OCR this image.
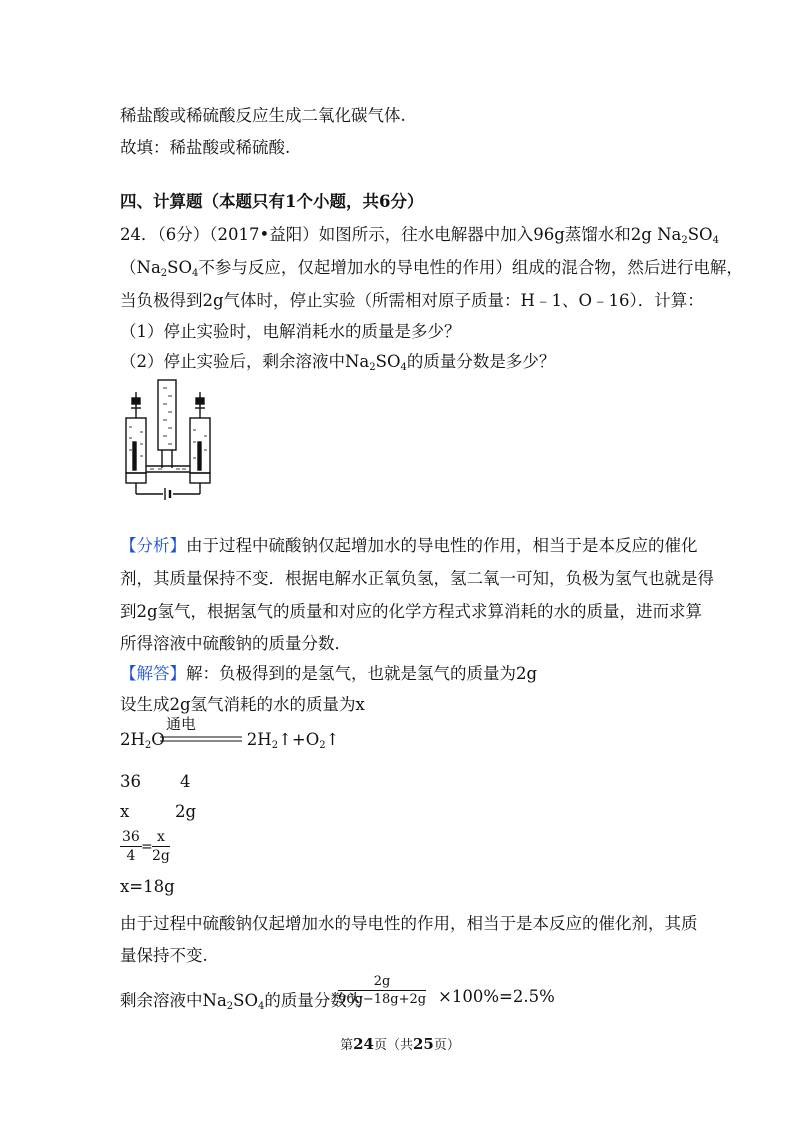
稀盐酸或稀硫酸反应生成二氧化碳气体.
故填：稀盐酸或稀硫酸.
四、计算题（本题只有1个小题，共6分）
24．（6分）（2017•益阳）如图所示，往水电解器中加入96g蒸馏水和2g $Na_2SO_4$
（$Na_2SO_4$不参与反应，仅起增加水的导电性的作用）组成的混合物，然后进行电解，
当负极得到2g气体时，停止实验（所需相对原子质量：H﹣1、O﹣16）．计算：
（1）停止实验时，电解消耗水的质量是多少？
（2）停止实验后，剩余溶液中$Na_2SO_4$的质量分数是多少？
【分析】由于过程中硫酸钠仅起增加水的导电性的作用，相当于是本反应的催化
剂，其质量保持不变．根据电解水正氧负氢，氢二氧一可知，负极为氢气也就是得
到2g氢气，根据氢气的质量和对应的化学方程式求算消耗的水的质量，进而求算
所得溶液中硫酸钠的质量分数．
【解答】解：负极得到的是氢气，也就是氢气的质量为2g
设生成2g氢气消耗的水的质量为x
$2H_2O$	$2H_2↑+O_2↑$
通电
36 4
x	2g
$\frac{36}{4} = \frac{x}{2g}$
x=18g
由于过程中硫酸钠仅起增加水的导电性的作用，相当于是本反应的催化剂，其质
量保持不变.
剩余溶液中$Na_2SO_4$的质量分数为
$\frac{2g}{96g-18g+2g} \times 100\%=2.5\%$
第24页（共25页）
